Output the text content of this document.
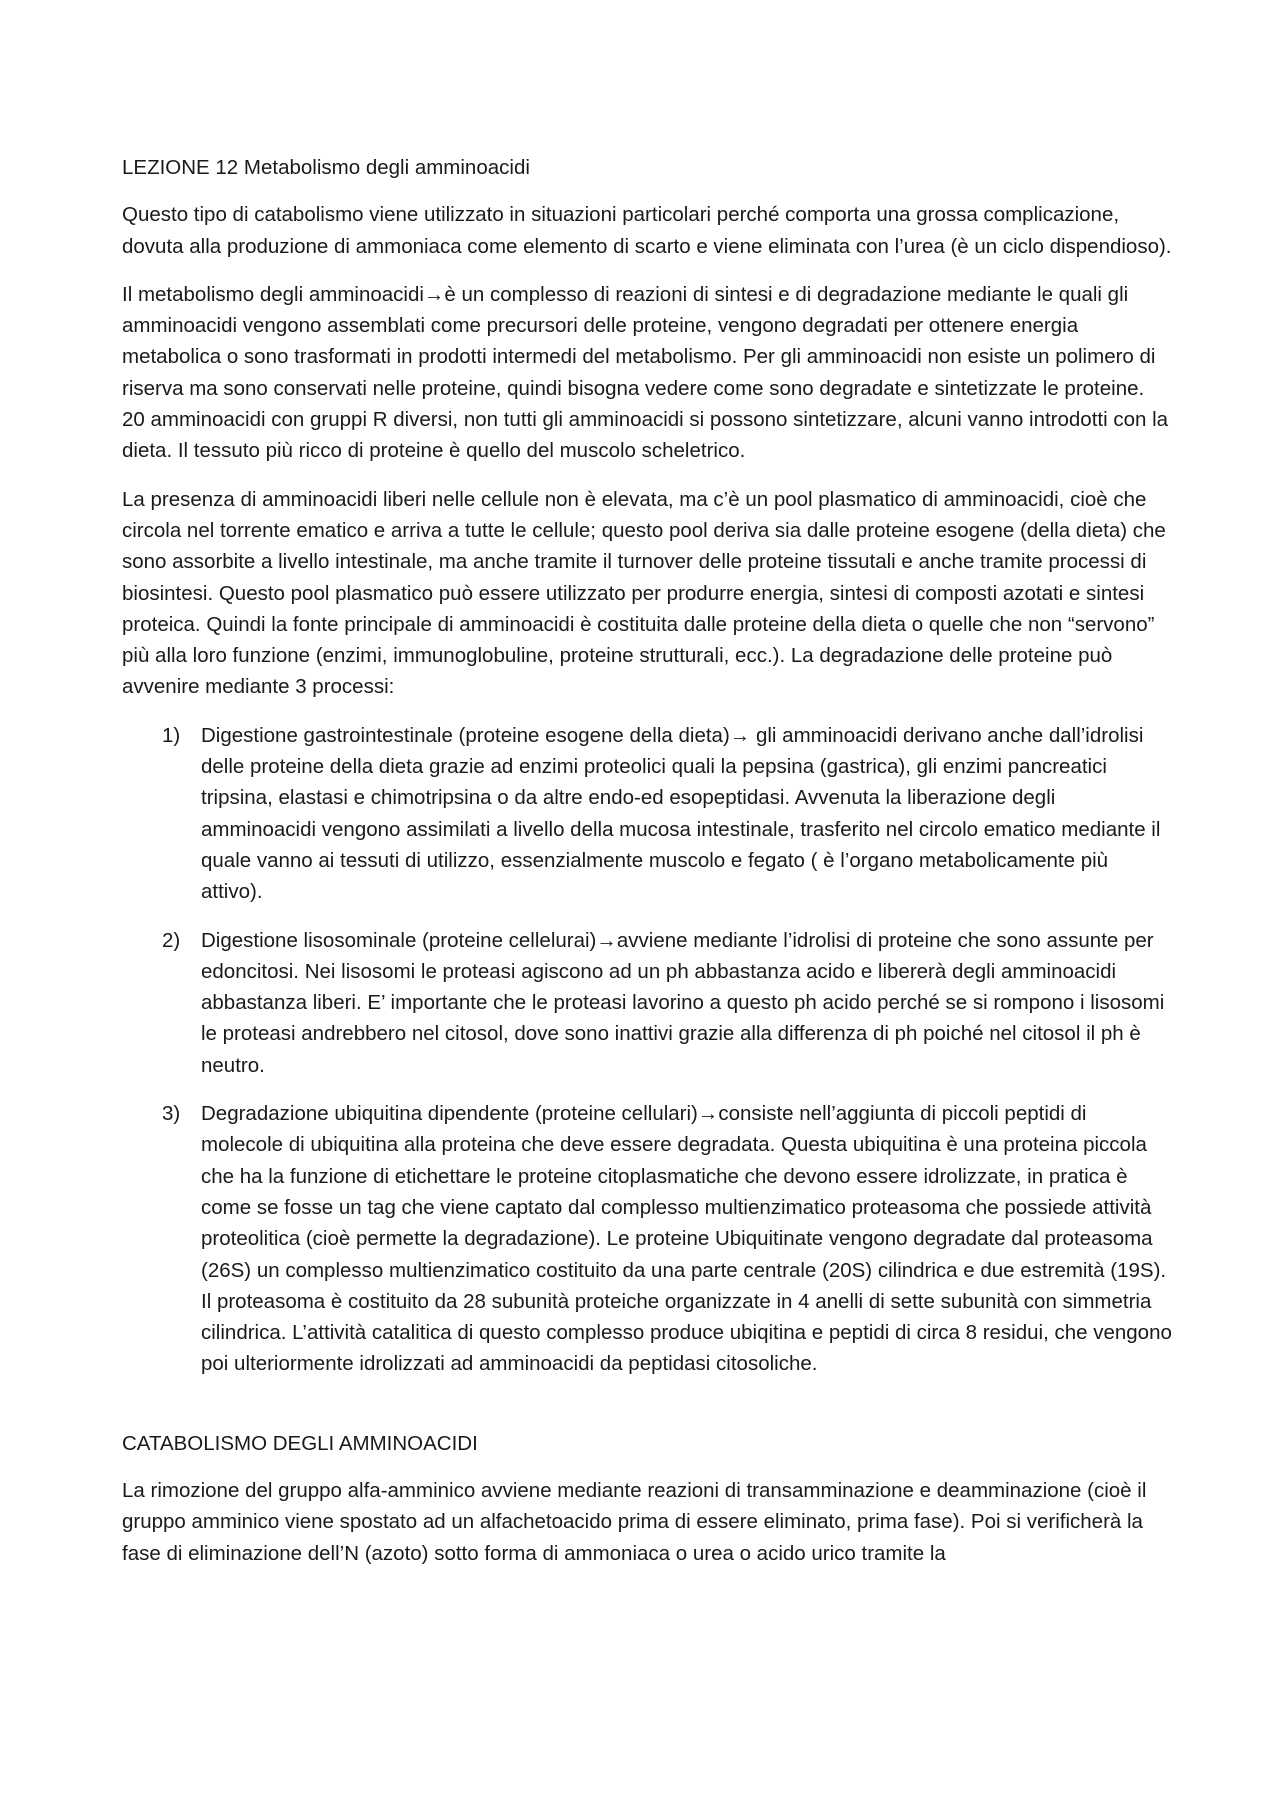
LEZIONE 12 Metabolismo degli amminoacidi

Questo tipo di catabolismo viene utilizzato in situazioni particolari perché comporta una grossa complicazione, dovuta alla produzione di ammoniaca come elemento di scarto e viene eliminata con l’urea (è un ciclo dispendioso).

Il metabolismo degli amminoacidi→è un complesso di reazioni di sintesi e di degradazione mediante le quali gli amminoacidi vengono assemblati come precursori delle proteine, vengono degradati per ottenere energia metabolica o sono trasformati in prodotti intermedi del metabolismo. Per gli amminoacidi non esiste un polimero di riserva ma sono conservati nelle proteine, quindi bisogna vedere come sono degradate e sintetizzate le proteine. 20 amminoacidi con gruppi R diversi, non tutti gli amminoacidi si possono sintetizzare, alcuni vanno introdotti con la dieta. Il tessuto più ricco di proteine è quello del muscolo scheletrico.

La presenza di amminoacidi liberi nelle cellule non è elevata, ma c’è un pool plasmatico di amminoacidi, cioè che circola nel torrente ematico e arriva a tutte le cellule; questo pool deriva sia dalle proteine esogene (della dieta) che sono assorbite a livello intestinale, ma anche tramite il turnover delle proteine tissutali e anche tramite processi di biosintesi. Questo pool plasmatico può essere utilizzato per produrre energia, sintesi di composti azotati e sintesi proteica. Quindi la fonte principale di amminoacidi è costituita dalle proteine della dieta o quelle che non “servono” più alla loro funzione (enzimi, immunoglobuline, proteine strutturali, ecc.). La degradazione delle proteine può avvenire mediante 3 processi:

1) Digestione gastrointestinale (proteine esogene della dieta)→ gli amminoacidi derivano anche dall’idrolisi delle proteine della dieta grazie ad enzimi proteolici quali la pepsina (gastrica), gli enzimi pancreatici tripsina, elastasi e chimotripsina o da altre endo-ed esopeptidasi. Avvenuta la liberazione degli amminoacidi vengono assimilati a livello della mucosa intestinale, trasferito nel circolo ematico mediante il quale vanno ai tessuti di utilizzo, essenzialmente muscolo e fegato ( è l’organo metabolicamente più attivo).
2) Digestione lisosominale (proteine cellelurai)→avviene mediante l’idrolisi di proteine che sono assunte per edoncitosi. Nei lisosomi le proteasi agiscono ad un ph abbastanza acido e libererà degli amminoacidi abbastanza liberi. E’ importante che le proteasi lavorino a questo ph acido perché se si rompono i lisosomi le proteasi andrebbero nel citosol, dove sono inattivi grazie alla differenza di ph poiché nel citosol il ph è neutro.
3) Degradazione ubiquitina dipendente (proteine cellulari)→consiste nell’aggiunta di piccoli peptidi di molecole di ubiquitina alla proteina che deve essere degradata. Questa ubiquitina è una proteina piccola che ha la funzione di etichettare le proteine citoplasmatiche che devono essere idrolizzate, in pratica è come se fosse un tag che viene captato dal complesso multienzimatico proteasoma che possiede attività proteolitica (cioè permette la degradazione). Le proteine Ubiquitinate vengono degradate dal proteasoma (26S) un complesso multienzimatico costituito da una parte centrale (20S) cilindrica e due estremità (19S). Il proteasoma è costituito da 28 subunità proteiche organizzate in 4 anelli di sette subunità con simmetria cilindrica. L’attività catalitica di questo complesso produce ubiqitina e peptidi di circa 8 residui, che vengono poi ulteriormente idrolizzati ad amminoacidi da peptidasi citosoliche.

CATABOLISMO DEGLI AMMINOACIDI

La rimozione del gruppo alfa-amminico avviene mediante reazioni di transamminazione e deamminazione (cioè il gruppo amminico viene spostato ad un alfachetoacido prima di essere eliminato, prima fase). Poi si verificherà la fase di eliminazione dell’N (azoto) sotto forma di ammoniaca o urea o acido urico tramite la
